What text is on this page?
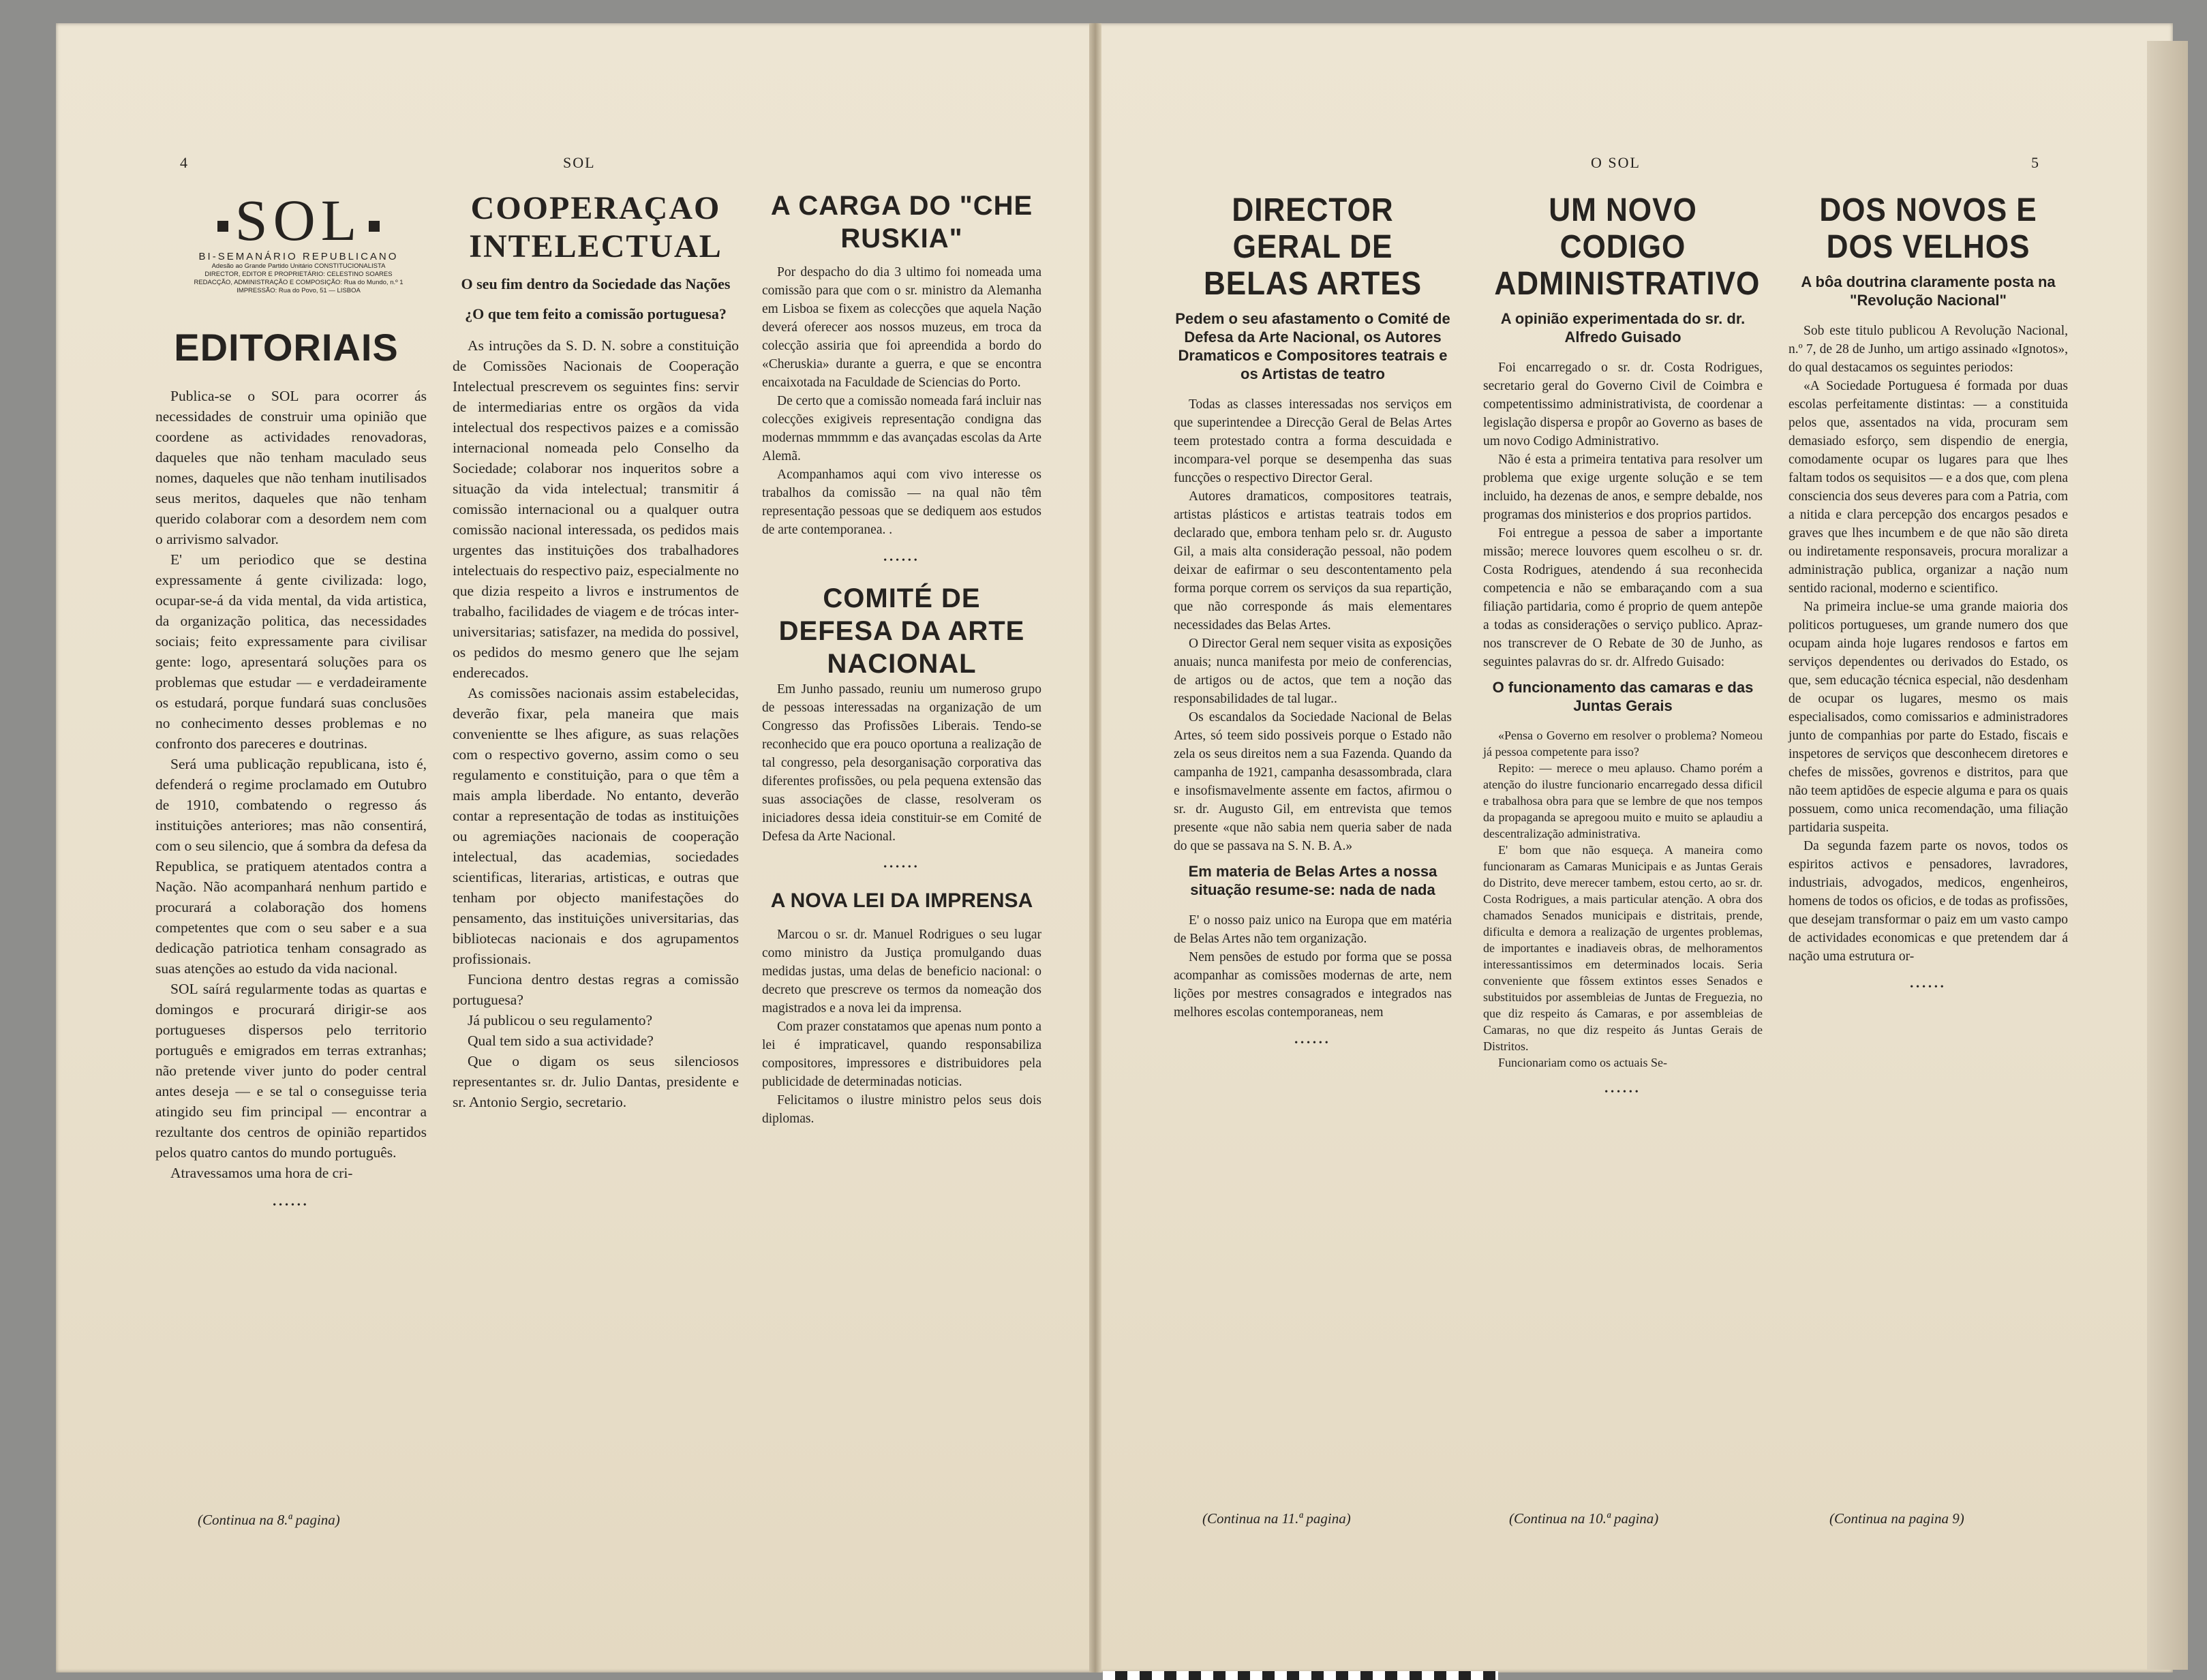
4	SOL
SOL
BI-SEMANÁRIO REPUBLICANO
Adesão ao Grande Partido Unitário CONSTITUCIONALISTA
DIRECTOR, EDITOR E PROPRIETÁRIO: CELESTINO SOARES
REDACÇÃO, ADMINISTRAÇÃO E COMPOSIÇÃO: Rua do Mundo, n.º 1
IMPRESSÃO: Rua do Povo, 51 — LISBOA
EDITORIAIS

Publica-se o SOL para ocorrer ás necessidades de construir uma opinião que coordene as actividades renovadoras, daqueles que não tenham maculado seus nomes, daqueles que não tenham inutilisados seus meritos, daqueles que não tenham querido colaborar com a desordem nem com o arrivismo salvador.

E' um periodico que se destina expressamente á gente civilizada: logo, ocupar-se-á da vida mental, da vida artistica, da organização politica, das necessidades sociais; feito expressamente para civilisar gente: logo, apresentará soluções para os problemas que estudar — e verdadeiramente os estudará, porque fundará suas conclusões no conhecimento desses problemas e no confronto dos pareceres e doutrinas.

Será uma publicação republicana, isto é, defenderá o regime proclamado em Outubro de 1910, combatendo o regresso ás instituições anteriores; mas não consentirá, com o seu silencio, que á sombra da defesa da Republica, se pratiquem atentados contra a Nação. Não acompanhará nenhum partido e procurará a colaboração dos homens competentes que com o seu saber e a sua dedicação patriotica tenham consagrado as suas atenções ao estudo da vida nacional.

SOL saírá regularmente todas as quartas e domingos e procurará dirigir-se aos portugueses dispersos pelo territorio português e emigrados em terras extranhas; não pretende viver junto do poder central antes deseja — e se tal o conseguisse teria atingido seu fim principal — encontrar a rezultante dos centros de opinião repartidos pelos quatro cantos do mundo português.

Atravessamos uma hora de cri-

••••••
(Continua na 8.ª pagina)
COOPERAÇAO INTELECTUAL
O seu fim dentro da Sociedade das Nações
¿O que tem feito a comissão portuguesa?

As intruções da S. D. N. sobre a constituição de Comissões Nacionais de Cooperação Intelectual prescrevem os seguintes fins: servir de intermediarias entre os orgãos da vida intelectual dos respectivos paizes e a comissão internacional nomeada pelo Conselho da Sociedade; colaborar nos inqueritos sobre a situação da vida intelectual; transmitir á comissão internacional ou a qualquer outra comissão nacional interessada, os pedidos mais urgentes das instituições dos trabalhadores intelectuais do respectivo paiz, especialmente no que dizia respeito a livros e instrumentos de trabalho, facilidades de viagem e de trócas inter-universitarias; satisfazer, na medida do possivel, os pedidos do mesmo genero que lhe sejam enderecados.

As comissões nacionais assim estabelecidas, deverão fixar, pela maneira que mais convenientte se lhes afigure, as suas relações com o respectivo governo, assim como o seu regulamento e constituição, para o que têm a mais ampla liberdade. No entanto, deverão contar a representação de todas as instituições ou agremiações nacionais de cooperação intelectual, das academias, sociedades scientificas, literarias, artisticas, e outras que tenham por objecto manifestações do pensamento, das instituições universitarias, das bibliotecas nacionais e dos agrupamentos profissionais.

Funciona dentro destas regras a comissão portuguesa?

Já publicou o seu regulamento?

Qual tem sido a sua actividade?

Que o digam os seus silenciosos representantes sr. dr. Julio Dantas, presidente e sr. Antonio Sergio, secretario.

A CARGA DO "CHE RUSKIA"

Por despacho do dia 3 ultimo foi nomeada uma comissão para que com o sr. ministro da Alemanha em Lisboa se fixem as colecções que aquela Nação deverá oferecer aos nossos muzeus, em troca da colecção assiria que foi apreendida a bordo do «Cheruskia» durante a guerra, e que se encontra encaixotada na Faculdade de Sciencias do Porto.

De certo que a comissão nomeada fará incluir nas colecções exigiveis representação condigna das modernas mmmmm e das avançadas escolas da Arte Alemã.

Acompanhamos aqui com vivo interesse os trabalhos da comissão — na qual não têm representação pessoas que se dediquem aos estudos de arte contemporanea. .

••••••
COMITÉ DE DEFESA DA ARTE NACIONAL

Em Junho passado, reuniu um numeroso grupo de pessoas interessadas na organização de um Congresso das Profissões Liberais. Tendo-se reconhecido que era pouco oportuna a realização de tal congresso, pela desorganisação corporativa das diferentes profissões, ou pela pequena extensão das suas associações de classe, resolveram os iniciadores dessa ideia constituir-se em Comité de Defesa da Arte Nacional.

••••••
A NOVA LEI DA IMPRENSA

Marcou o sr. dr. Manuel Rodrigues o seu lugar como ministro da Justiça promulgando duas medidas justas, uma delas de beneficio nacional: o decreto que prescreve os termos da nomeação dos magistrados e a nova lei da imprensa.

Com prazer constatamos que apenas num ponto a lei é impraticavel, quando responsabiliza compositores, impressores e distribuidores pela publicidade de determinadas noticias.

Felicitamos o ilustre ministro pelos seus dois diplomas.

O SOL	5
DIRECTOR GERAL DE BELAS ARTES
Pedem o seu afastamento o Comité de Defesa da Arte Nacional, os Autores Dramaticos e Compositores teatrais e os Artistas de teatro

Todas as classes interessadas nos serviços em que superintendee a Direcção Geral de Belas Artes teem protestado contra a forma descuidada e incompara-vel porque se desempenha das suas funcções o respectivo Director Geral.

Autores dramaticos, compositores teatrais, artistas plásticos e artistas teatrais todos em declarado que, embora tenham pelo sr. dr. Augusto Gil, a mais alta consideração pessoal, não podem deixar de eafirmar o seu descontentamento pela forma porque correm os serviços da sua repartição, que não corresponde ás mais elementares necessidades das Belas Artes.

O Director Geral nem sequer visita as exposições anuais; nunca manifesta por meio de conferencias, de artigos ou de actos, que tem a noção das responsabilidades de tal lugar..

Os escandalos da Sociedade Nacional de Belas Artes, só teem sido possiveis porque o Estado não zela os seus direitos nem a sua Fazenda. Quando da campanha de 1921, campanha desassombrada, clara e insofismavelmente assente em factos, afirmou o sr. dr. Augusto Gil, em entrevista que temos presente «que não sabia nem queria saber de nada do que se passava na S. N. B. A.»

Em materia de Belas Artes a nossa situação resume-se: nada de nada

E' o nosso paiz unico na Europa que em matéria de Belas Artes não tem organização.

Nem pensões de estudo por forma que se possa acompanhar as comissões modernas de arte, nem lições por mestres consagrados e integrados nas melhores escolas contemporaneas, nem

••••••
(Continua na 11.ª pagina)
UM NOVO CODIGO ADMINISTRATIVO
A opinião experimentada do sr. dr. Alfredo Guisado

Foi encarregado o sr. dr. Costa Rodrigues, secretario geral do Governo Civil de Coimbra e competentissimo administrativista, de coordenar a legislação dispersa e propôr ao Governo as bases de um novo Codigo Administrativo.

Não é esta a primeira tentativa para resolver um problema que exige urgente solução e se tem incluido, ha dezenas de anos, e sempre debalde, nos programas dos ministerios e dos proprios partidos.

Foi entregue a pessoa de saber a importante missão; merece louvores quem escolheu o sr. dr. Costa Rodrigues, atendendo á sua reconhecida competencia e não se embaraçando com a sua filiação partidaria, como é proprio de quem antepõe a todas as considerações o serviço publico. Apraz-nos transcrever de O Rebate de 30 de Junho, as seguintes palavras do sr. dr. Alfredo Guisado:

O funcionamento das camaras e das Juntas Gerais

«Pensa o Governo em resolver o problema? Nomeou já pessoa competente para isso?

Repito: — merece o meu aplauso. Chamo porém a atenção do ilustre funcionario encarregado dessa dificil e trabalhosa obra para que se lembre de que nos tempos da propaganda se apregoou muito e muito se aplaudiu a descentralização administrativa.

E' bom que não esqueça. A maneira como funcionaram as Camaras Municipais e as Juntas Gerais do Distrito, deve merecer tambem, estou certo, ao sr. dr. Costa Rodrigues, a mais particular atenção. A obra dos chamados Senados municipais e distritais, prende, dificulta e demora a realização de urgentes problemas, de importantes e inadiaveis obras, de melhoramentos interessantissimos em determinados locais. Seria conveniente que fôssem extintos esses Senados e substituidos por assembleias de Juntas de Freguezia, no que diz respeito ás Camaras, e por assembleias de Camaras, no que diz respeito ás Juntas Gerais de Distritos.

Funcionariam como os actuais Se-

••••••
(Continua na 10.ª pagina)
DOS NOVOS E DOS VELHOS
A bôa doutrina claramente posta na "Revolução Nacional"

Sob este titulo publicou A Revolução Nacional, n.º 7, de 28 de Junho, um artigo assinado «Ignotos», do qual destacamos os seguintes periodos:

«A Sociedade Portuguesa é formada por duas escolas perfeitamente distintas: — a constituida pelos que, assentados na vida, procuram sem demasiado esforço, sem dispendio de energia, comodamente ocupar os lugares para que lhes faltam todos os sequisitos — e a dos que, com plena consciencia dos seus deveres para com a Patria, com a nitida e clara percepção dos encargos pesados e graves que lhes incumbem e de que não são direta ou indiretamente responsaveis, procura moralizar a administração publica, organizar a nação num sentido racional, moderno e scientifico.

Na primeira inclue-se uma grande maioria dos politicos portugueses, um grande numero dos que ocupam ainda hoje lugares rendosos e fartos em serviços dependentes ou derivados do Estado, os que, sem educação técnica especial, não desdenham de ocupar os lugares, mesmo os mais especialisados, como comissarios e administradores junto de companhias por parte do Estado, fiscais e inspetores de serviços que desconhecem diretores e chefes de missões, govrenos e distritos, para que não teem aptidões de especie alguma e para os quais possuem, como unica recomendação, uma filiação partidaria suspeita.

Da segunda fazem parte os novos, todos os espiritos activos e pensadores, lavradores, industriais, advogados, medicos, engenheiros, homens de todos os oficios, e de todas as profissões, que desejam transformar o paiz em um vasto campo de actividades economicas e que pretendem dar á nação uma estrutura or-

••••••
(Continua na pagina 9)
